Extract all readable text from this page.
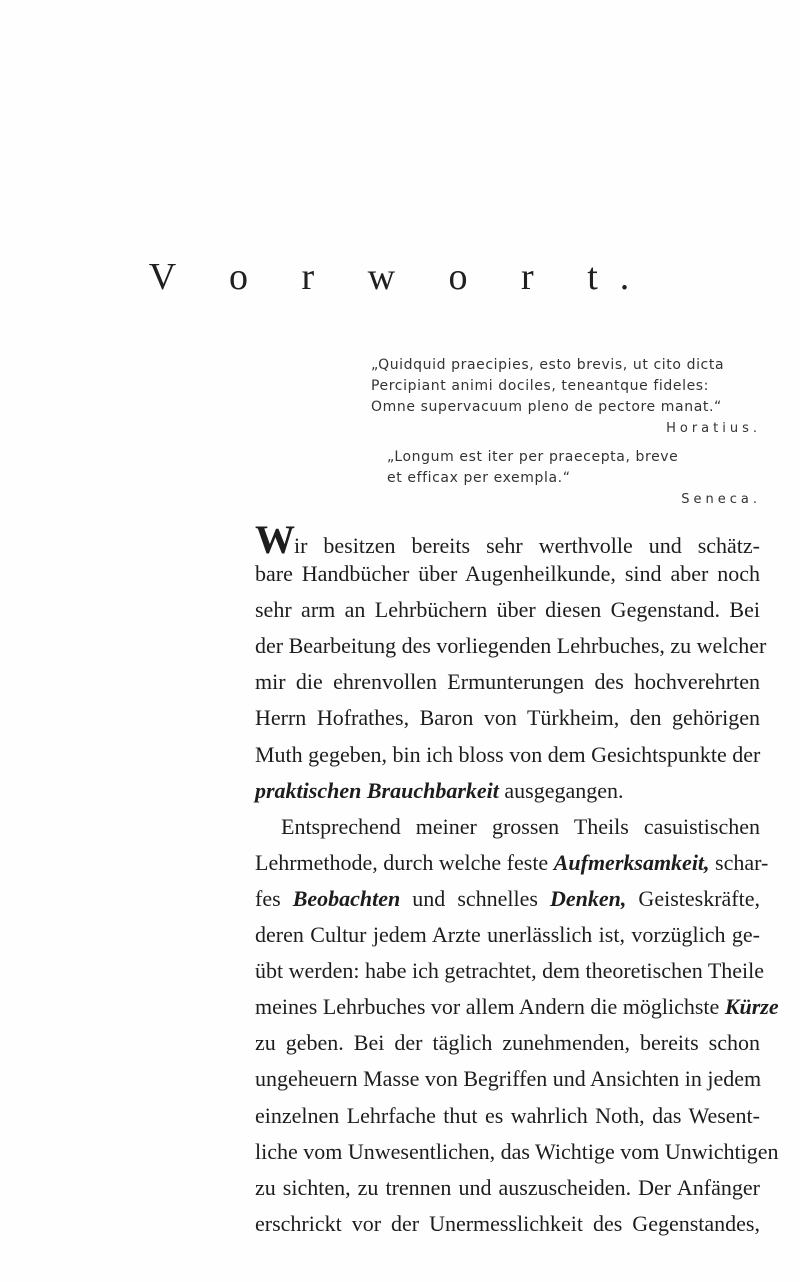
V o r w o r t.
„Quidquid praecipies, esto brevis, ut cito dicta
Percipiant animi dociles, teneantque fideles:
Omne supervacuum pleno de pectore manat.“
Horatius.
„Longum est iter per praecepta, breve
et efficax per exempla.“
Seneca.
Wir besitzen bereits sehr werthvolle und schätz-
bare Handbücher über Augenheilkunde, sind aber noch
sehr arm an Lehrbüchern über diesen Gegenstand. Bei
der Bearbeitung des vorliegenden Lehrbuches, zu welcher
mir die ehrenvollen Ermunterungen des hochverehrten
Herrn Hofrathes, Baron von Türkheim, den gehörigen
Muth gegeben, bin ich bloss von dem Gesichtspunkte der
praktischen Brauchbarkeit ausgegangen.
Entsprechend meiner grossen Theils casuistischen
Lehrmethode, durch welche feste Aufmerksamkeit, schar-
fes Beobachten und schnelles Denken, Geisteskräfte,
deren Cultur jedem Arzte unerlässlich ist, vorzüglich ge-
übt werden: habe ich getrachtet, dem theoretischen Theile
meines Lehrbuches vor allem Andern die möglichste Kürze
zu geben. Bei der täglich zunehmenden, bereits schon
ungeheuern Masse von Begriffen und Ansichten in jedem
einzelnen Lehrfache thut es wahrlich Noth, das Wesent-
liche vom Unwesentlichen, das Wichtige vom Unwichtigen
zu sichten, zu trennen und auszuscheiden. Der Anfänger
erschrickt vor der Unermesslichkeit des Gegenstandes,
